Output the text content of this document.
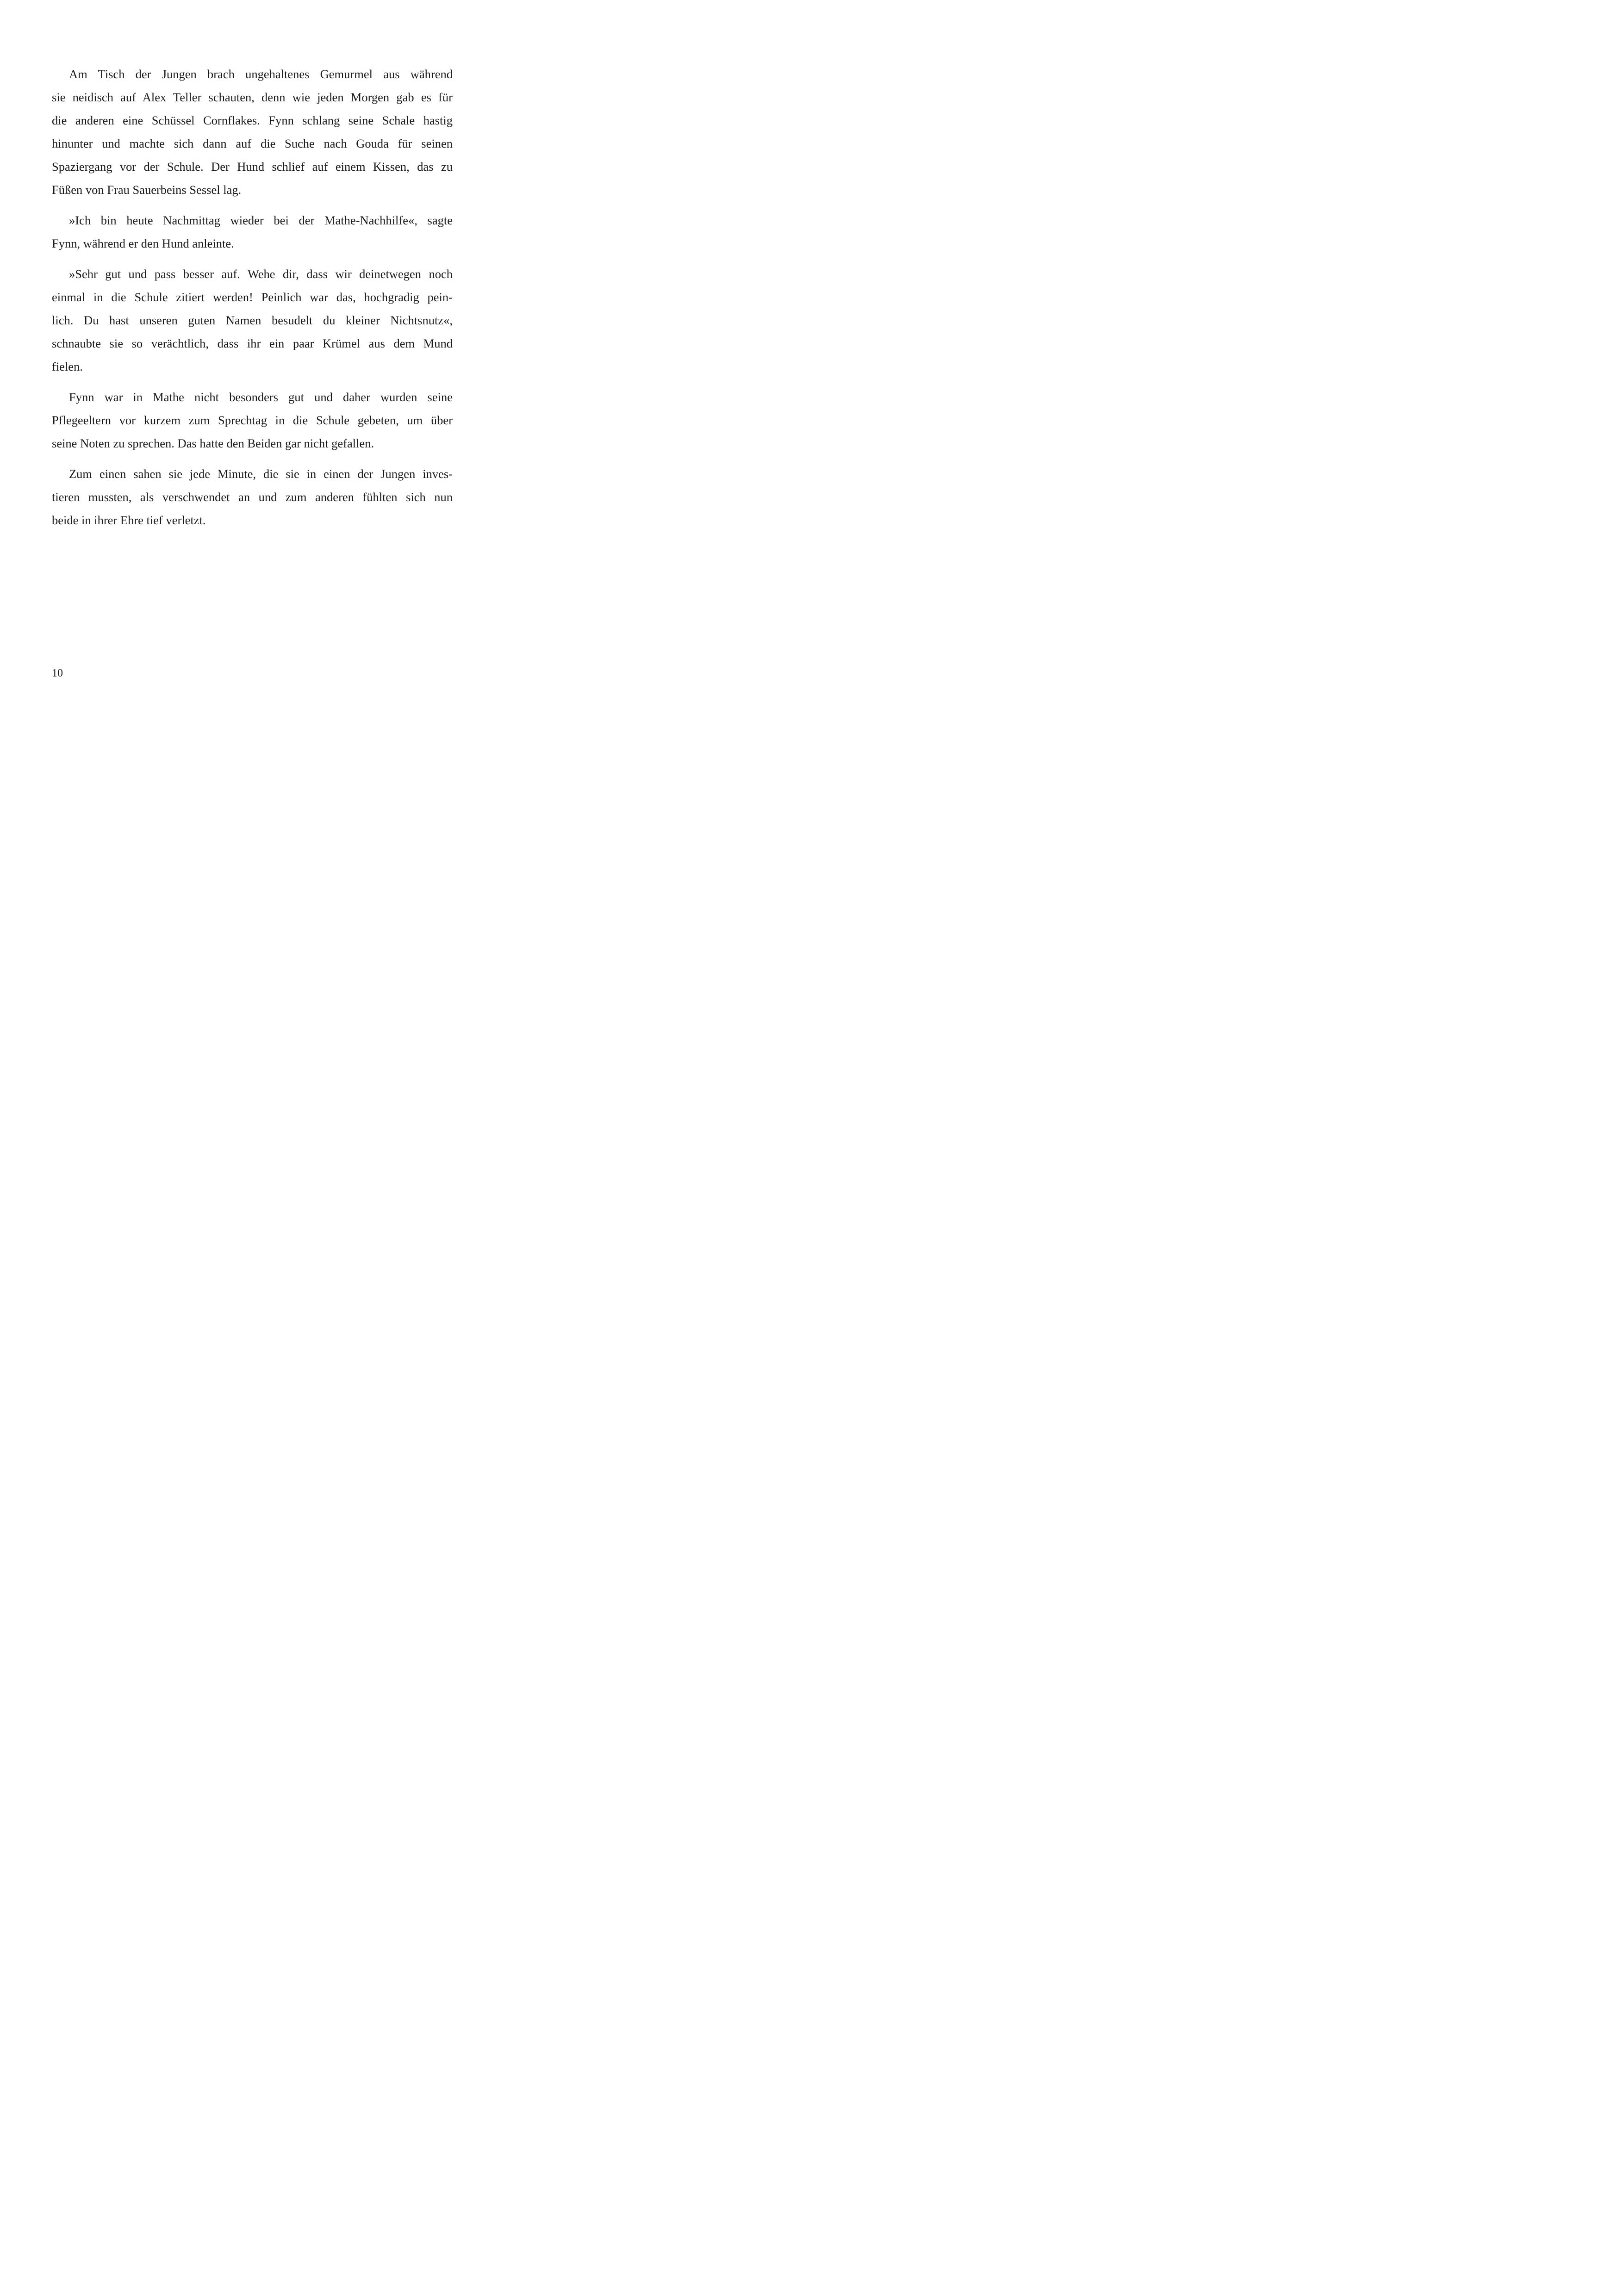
Am Tisch der Jungen brach ungehaltenes Gemurmel aus während
sie neidisch auf Alex Teller schauten, denn wie jeden Morgen gab es für
die anderen eine Schüssel Cornflakes. Fynn schlang seine Schale hastig
hinunter und machte sich dann auf die Suche nach Gouda für seinen
Spaziergang vor der Schule. Der Hund schlief auf einem Kissen, das zu
Füßen von Frau Sauerbeins Sessel lag.
»Ich bin heute Nachmittag wieder bei der Mathe-Nachhilfe«, sagte
Fynn, während er den Hund anleinte.
»Sehr gut und pass besser auf. Wehe dir, dass wir deinetwegen noch
einmal in die Schule zitiert werden! Peinlich war das, hochgradig pein-
lich. Du hast unseren guten Namen besudelt du kleiner Nichtsnutz«,
schnaubte sie so verächtlich, dass ihr ein paar Krümel aus dem Mund
fielen.
Fynn war in Mathe nicht besonders gut und daher wurden seine
Pflegeeltern vor kurzem zum Sprechtag in die Schule gebeten, um über
seine Noten zu sprechen. Das hatte den Beiden gar nicht gefallen.
Zum einen sahen sie jede Minute, die sie in einen der Jungen inves-
tieren mussten, als verschwendet an und zum anderen fühlten sich nun
beide in ihrer Ehre tief verletzt.
10
